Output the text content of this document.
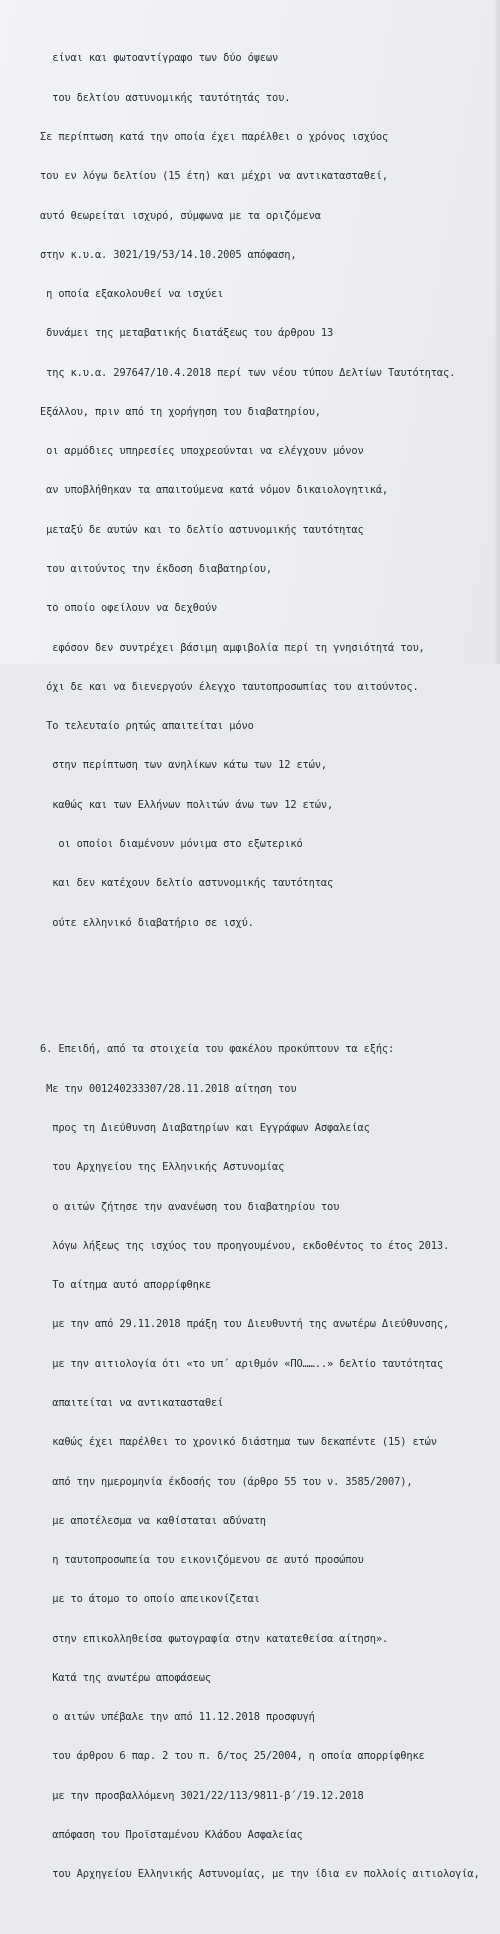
είναι και φωτοαντίγραφο των δύο όψεων

του δελτίου αστυνομικής ταυτότητάς του.

Σε περίπτωση κατά την οποία έχει παρέλθει ο χρόνος ισχύος

του εν λόγω δελτίου (15 έτη) και μέχρι να αντικατασταθεί,

αυτό θεωρείται ισχυρό, σύμφωνα με τα οριζόμενα

στην κ.υ.α. 3021/19/53/14.10.2005 απόφαση,

η οποία εξακολουθεί να ισχύει

δυνάμει της μεταβατικής διατάξεως του άρθρου 13

της κ.υ.α. 297647/10.4.2018 περί των νέου τύπου Δελτίων Ταυτότητας.

Εξάλλου, πριν από τη χορήγηση του διαβατηρίου,

οι αρμόδιες υπηρεσίες υποχρεούνται να ελέγχουν μόνον

αν υποβλήθηκαν τα απαιτούμενα κατά νόμον δικαιολογητικά,

μεταξύ δε αυτών και το δελτίο αστυνομικής ταυτότητας

του αιτούντος την έκδοση διαβατηρίου,

το οποίο οφείλουν να δεχθούν

εφόσον δεν συντρέχει βάσιμη αμφιβολία περί τη γνησιότητά του,

όχι δε και να διενεργούν έλεγχο ταυτοπροσωπίας του αιτούντος.

Το τελευταίο ρητώς απαιτείται μόνο

στην περίπτωση των ανηλίκων κάτω των 12 ετών,

καθώς και των Ελλήνων πολιτών άνω των 12 ετών,

οι οποίοι διαμένουν μόνιμα στο εξωτερικό

και δεν κατέχουν δελτίο αστυνομικής ταυτότητας

ούτε ελληνικό διαβατήριο σε ισχύ.

6. Επειδή, από τα στοιχεία του φακέλου προκύπτουν τα εξής:

Με την 001240233307/28.11.2018 αίτηση του

προς τη Διεύθυνση Διαβατηρίων και Εγγράφων Ασφαλείας

του Αρχηγείου της Ελληνικής Αστυνομίας

ο αιτών ζήτησε την ανανέωση του διαβατηρίου του

λόγω λήξεως της ισχύος του προηγουμένου, εκδοθέντος το έτος 2013.

Το αίτημα αυτό απορρίφθηκε

με την από 29.11.2018 πράξη του Διευθυντή της ανωτέρω Διεύθυνσης,

με την αιτιολογία ότι «το υπ΄ αριθμόν «ΠΟ……..» δελτίο ταυτότητας

απαιτείται να αντικατασταθεί

καθώς έχει παρέλθει το χρονικό διάστημα των δεκαπέντε (15) ετών

από την ημερομηνία έκδοσής του (άρθρο 55 του ν. 3585/2007),

με αποτέλεσμα να καθίσταται αδύνατη

η ταυτοπροσωπεία του εικονιζόμενου σε αυτό προσώπου

με το άτομο το οποίο απεικονίζεται

στην επικολληθείσα φωτογραφία στην κατατεθείσα αίτηση».

Κατά της ανωτέρω αποφάσεως

ο αιτών υπέβαλε την από 11.12.2018 προσφυγή

του άρθρου 6 παρ. 2 του π. δ/τος 25/2004, η οποία απορρίφθηκε

με την προσβαλλόμενη 3021/22/113/9811-β΄/19.12.2018

απόφαση του Προϊσταμένου Κλάδου Ασφαλείας

του Αρχηγείου Ελληνικής Αστυνομίας, με την ίδια εν πολλοίς αιτιολογία,
